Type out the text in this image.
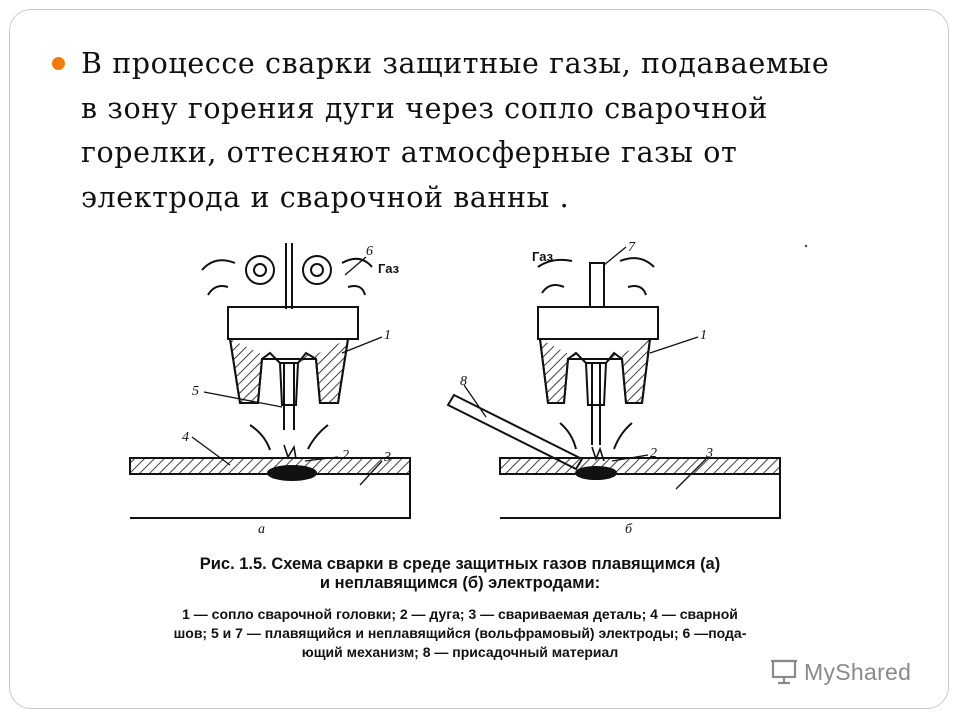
В процессе сварки защитные газы, подаваемые
в зону горения дуги через сопло сварочной
горелки, оттесняют атмосферные газы от
электрода и сварочной ванны .

Газ
6
1
5
4
2	3
а
Газ
7
1
8
2	3
б
Рис. 1.5. Схема сварки в среде защитных газов плавящимся (а)
и неплавящимся (б) электродами:

1 — сопло сварочной головки; 2 — дуга; 3 — свариваемая деталь; 4 — сварной
шов; 5 и 7 — плавящийся и неплавящийся (вольфрамовый) электроды; 6 —пода-
ющий механизм; 8 — присадочный материал

MyShared
